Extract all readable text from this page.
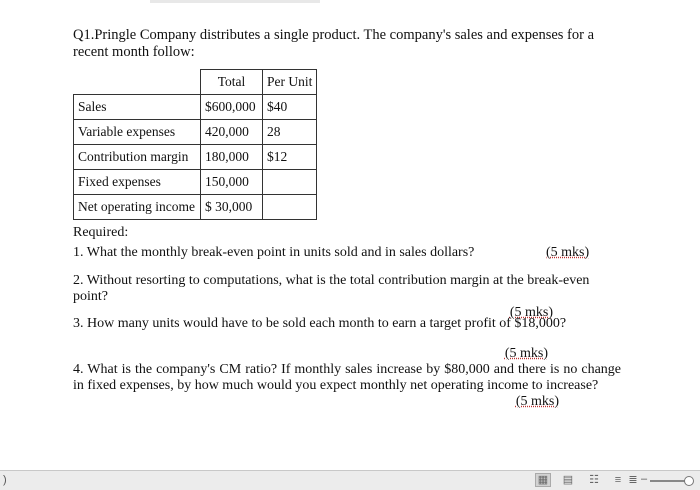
Q1.Pringle Company distributes a single product. The company's sales and expenses for a recent month follow:
	Total	Per Unit
Sales	$600,000	$40
Variable expenses	420,000	28
Contribution margin	180,000	$12
Fixed expenses	150,000	
Net operating income	$ 30,000	
Required:
1. What the monthly break-even point in units sold and in sales dollars?	(5 mks)
2. Without resorting to computations, what is the total contribution margin at the break-even point?
(5 mks)
3. How many units would have to be sold each month to earn a target profit of $18,000?
(5 mks)
4. What is the company's CM ratio? If monthly sales increase by $80,000 and there is no change in fixed expenses, by how much would you expect monthly net operating income to increase?
(5 mks)
)	▦ ▤ ☷	≡ ≣ –
